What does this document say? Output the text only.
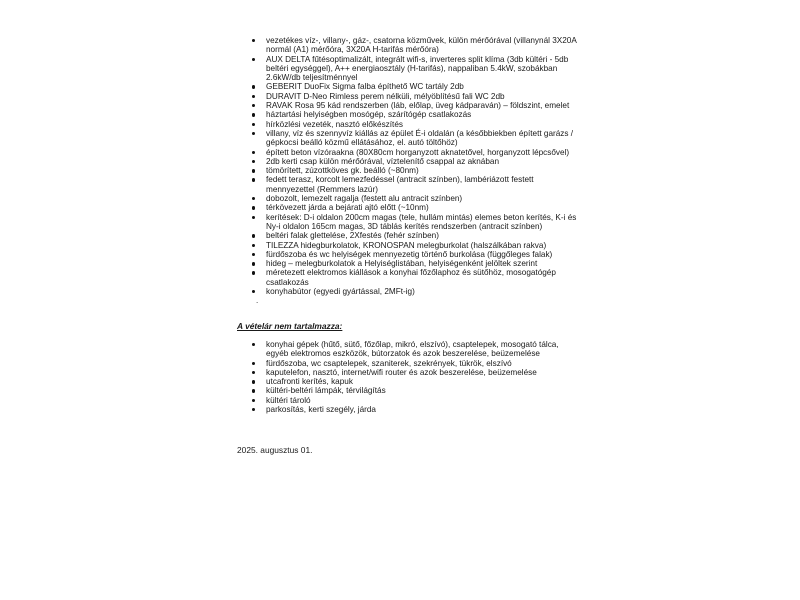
vezetékes víz-, villany-, gáz-, csatorna közművek, külön mérőórával (villanynál 3X20A normál (A1) mérőóra, 3X20A H-tarifás mérőóra)
AUX DELTA fűtésoptimalizált, integrált wifi-s, inverteres split klíma (3db kültéri - 5db beltéri egységgel), A++ energiaosztály (H-tarifás), nappaliban 5.4kW, szobákban 2.6kW/db teljesítménnyel
GEBERIT DuoFix Sigma falba építhető WC tartály 2db
DURAVIT D-Neo Rimless perem nélküli, mélyöblítésű fali WC 2db
RAVAK Rosa 95 kád rendszerben (láb, előlap, üveg kádparaván) – földszint, emelet
háztartási helyiségben mosógép, szárítógép csatlakozás
hírközlési vezeték, nasztó előkészítés
villany, víz és szennyvíz kiállás az épület É-i oldalán (a későbbiekben épített garázs / gépkocsi beálló közmű ellátásához, el. autó töltőhöz)
épített beton vízóraakna (80X80cm horganyzott aknatetővel, horganyzott lépcsővel)
2db kerti csap külön mérőórával, víztelenítő csappal az aknában
tömörített, zúzottköves gk. beálló (~80nm)
fedett terasz, korcolt lemezfedéssel (antracit színben), lambériázott festett mennyezettel (Remmers lazúr)
dobozolt, lemezelt ragalja (festett alu antracit színben)
térkövezett járda a bejárati ajtó előtt (~10nm)
kerítések: D-i oldalon 200cm magas (tele, hullám mintás) elemes beton kerítés, K-i és Ny-i oldalon 165cm magas, 3D táblás kerítés rendszerben (antracit színben)
beltéri falak glettelése, 2Xfestés (fehér színben)
TILEZZA hidegburkolatok, KRONOSPAN melegburkolat (halszálkában rakva)
fürdőszoba és wc helyiségek mennyezetig történő burkolása (függőleges falak)
hideg – melegburkolatok a Helyiséglistában, helyiségenként jelöltek szerint
méretezett elektromos kiállások a konyhai főzőlaphoz és sütőhöz, mosogatógép csatlakozás
konyhabútor (egyedi gyártással, 2MFt-ig)
.
A vételár nem tartalmazza:
konyhai gépek (hűtő, sütő, főzőlap, mikró, elszívó), csaptelepek, mosogató tálca, egyéb elektromos eszközök, bútorzatok és azok beszerelése, beüzemelése
fürdőszoba, wc csaptelepek, szaniterek, szekrények, tükrök, elszívó
kaputelefon, nasztó, internet/wifi router és azok beszerelése, beüzemelése
utcafronti kerítés, kapuk
kültéri-beltéri lámpák, térvilágítás
kültéri tároló
parkosítás, kerti szegély, járda
2025. augusztus 01.
